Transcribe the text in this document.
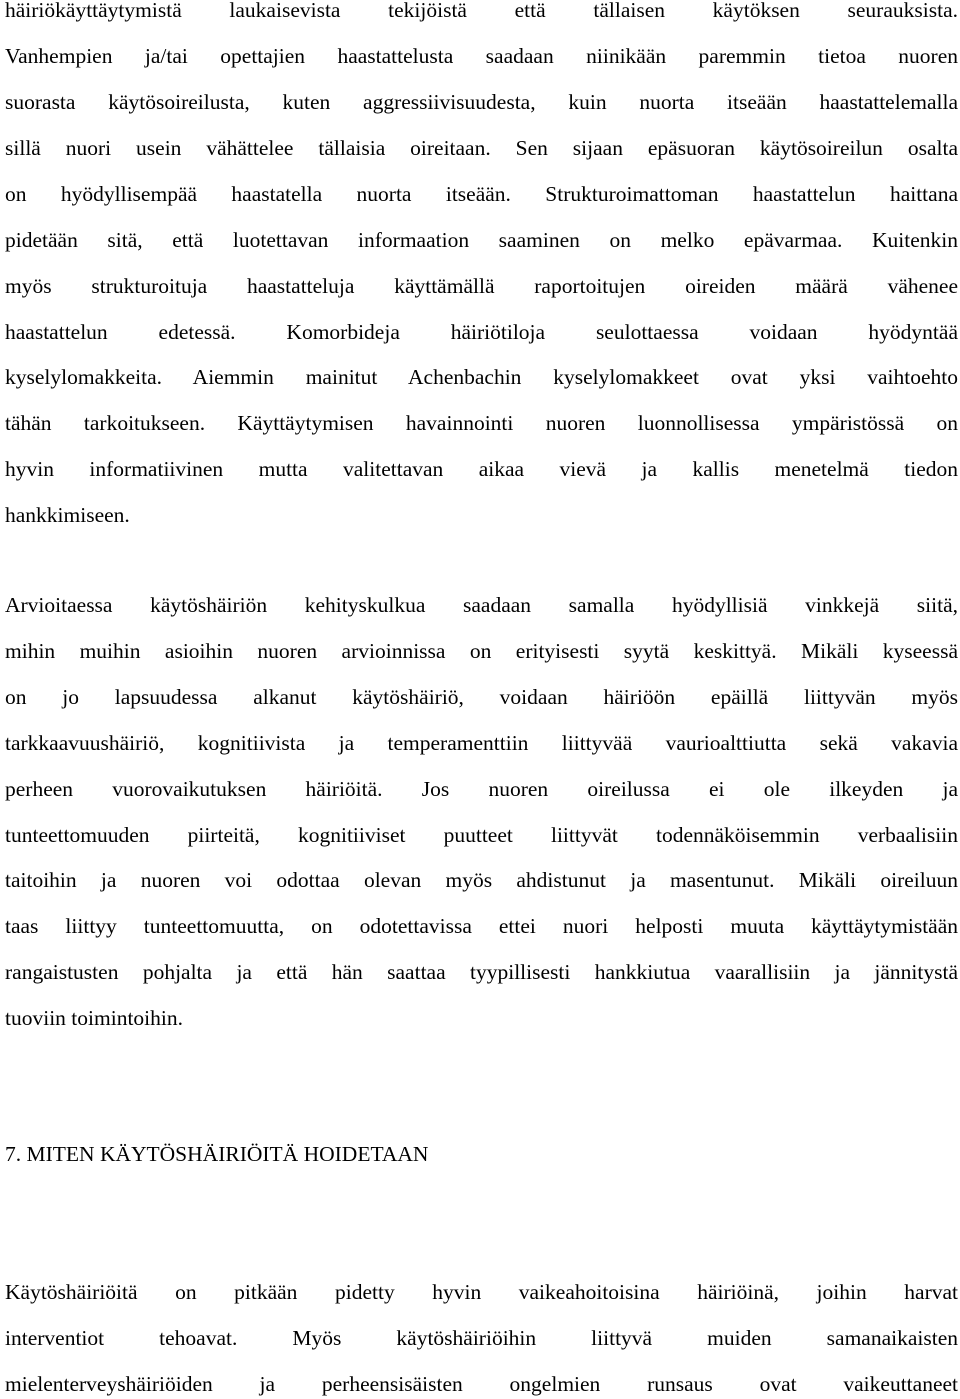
häiriökäyttäytymistä laukaisevista tekijöistä että tällaisen käytöksen seurauksista.
Vanhempien ja/tai opettajien haastattelusta saadaan niinikään paremmin tietoa nuoren
suorasta käytösoireilusta, kuten aggressiivisuudesta, kuin nuorta itseään haastattelemalla
sillä nuori usein vähättelee tällaisia oireitaan. Sen sijaan epäsuoran käytösoireilun osalta
on hyödyllisempää haastatella nuorta itseään. Strukturoimattoman haastattelun haittana
pidetään sitä, että luotettavan informaation saaminen on melko epävarmaa. Kuitenkin
myös strukturoituja haastatteluja käyttämällä raportoitujen oireiden määrä vähenee
haastattelun edetessä. Komorbideja häiriötiloja seulottaessa voidaan hyödyntää
kyselylomakkeita. Aiemmin mainitut Achenbachin kyselylomakkeet ovat yksi vaihtoehto
tähän tarkoitukseen. Käyttäytymisen havainnointi nuoren luonnollisessa ympäristössä on
hyvin informatiivinen mutta valitettavan aikaa vievä ja kallis menetelmä tiedon
hankkimiseen.
Arvioitaessa käytöshäiriön kehityskulkua saadaan samalla hyödyllisiä vinkkejä siitä,
mihin muihin asioihin nuoren arvioinnissa on erityisesti syytä keskittyä. Mikäli kyseessä
on jo lapsuudessa alkanut käytöshäiriö, voidaan häiriöön epäillä liittyvän myös
tarkkaavuushäiriö, kognitiivista ja temperamenttiin liittyvää vaurioalttiutta sekä vakavia
perheen vuorovaikutuksen häiriöitä. Jos nuoren oireilussa ei ole ilkeyden ja
tunteettomuuden piirteitä, kognitiiviset puutteet liittyvät todennäköisemmin verbaalisiin
taitoihin ja nuoren voi odottaa olevan myös ahdistunut ja masentunut. Mikäli oireiluun
taas liittyy tunteettomuutta, on odotettavissa ettei nuori helposti muuta käyttäytymistään
rangaistusten pohjalta ja että hän saattaa tyypillisesti hankkiutua vaarallisiin ja jännitystä
tuoviin toimintoihin.
7. MITEN KÄYTÖSHÄIRIÖITÄ HOIDETAAN
Käytöshäiriöitä on pitkään pidetty hyvin vaikeahoitoisina häiriöinä, joihin harvat
interventiot tehoavat. Myös käytöshäiriöihin liittyvä muiden samanaikaisten
mielenterveyshäiriöiden ja perheensisäisten ongelmien runsaus ovat vaikeuttaneet
